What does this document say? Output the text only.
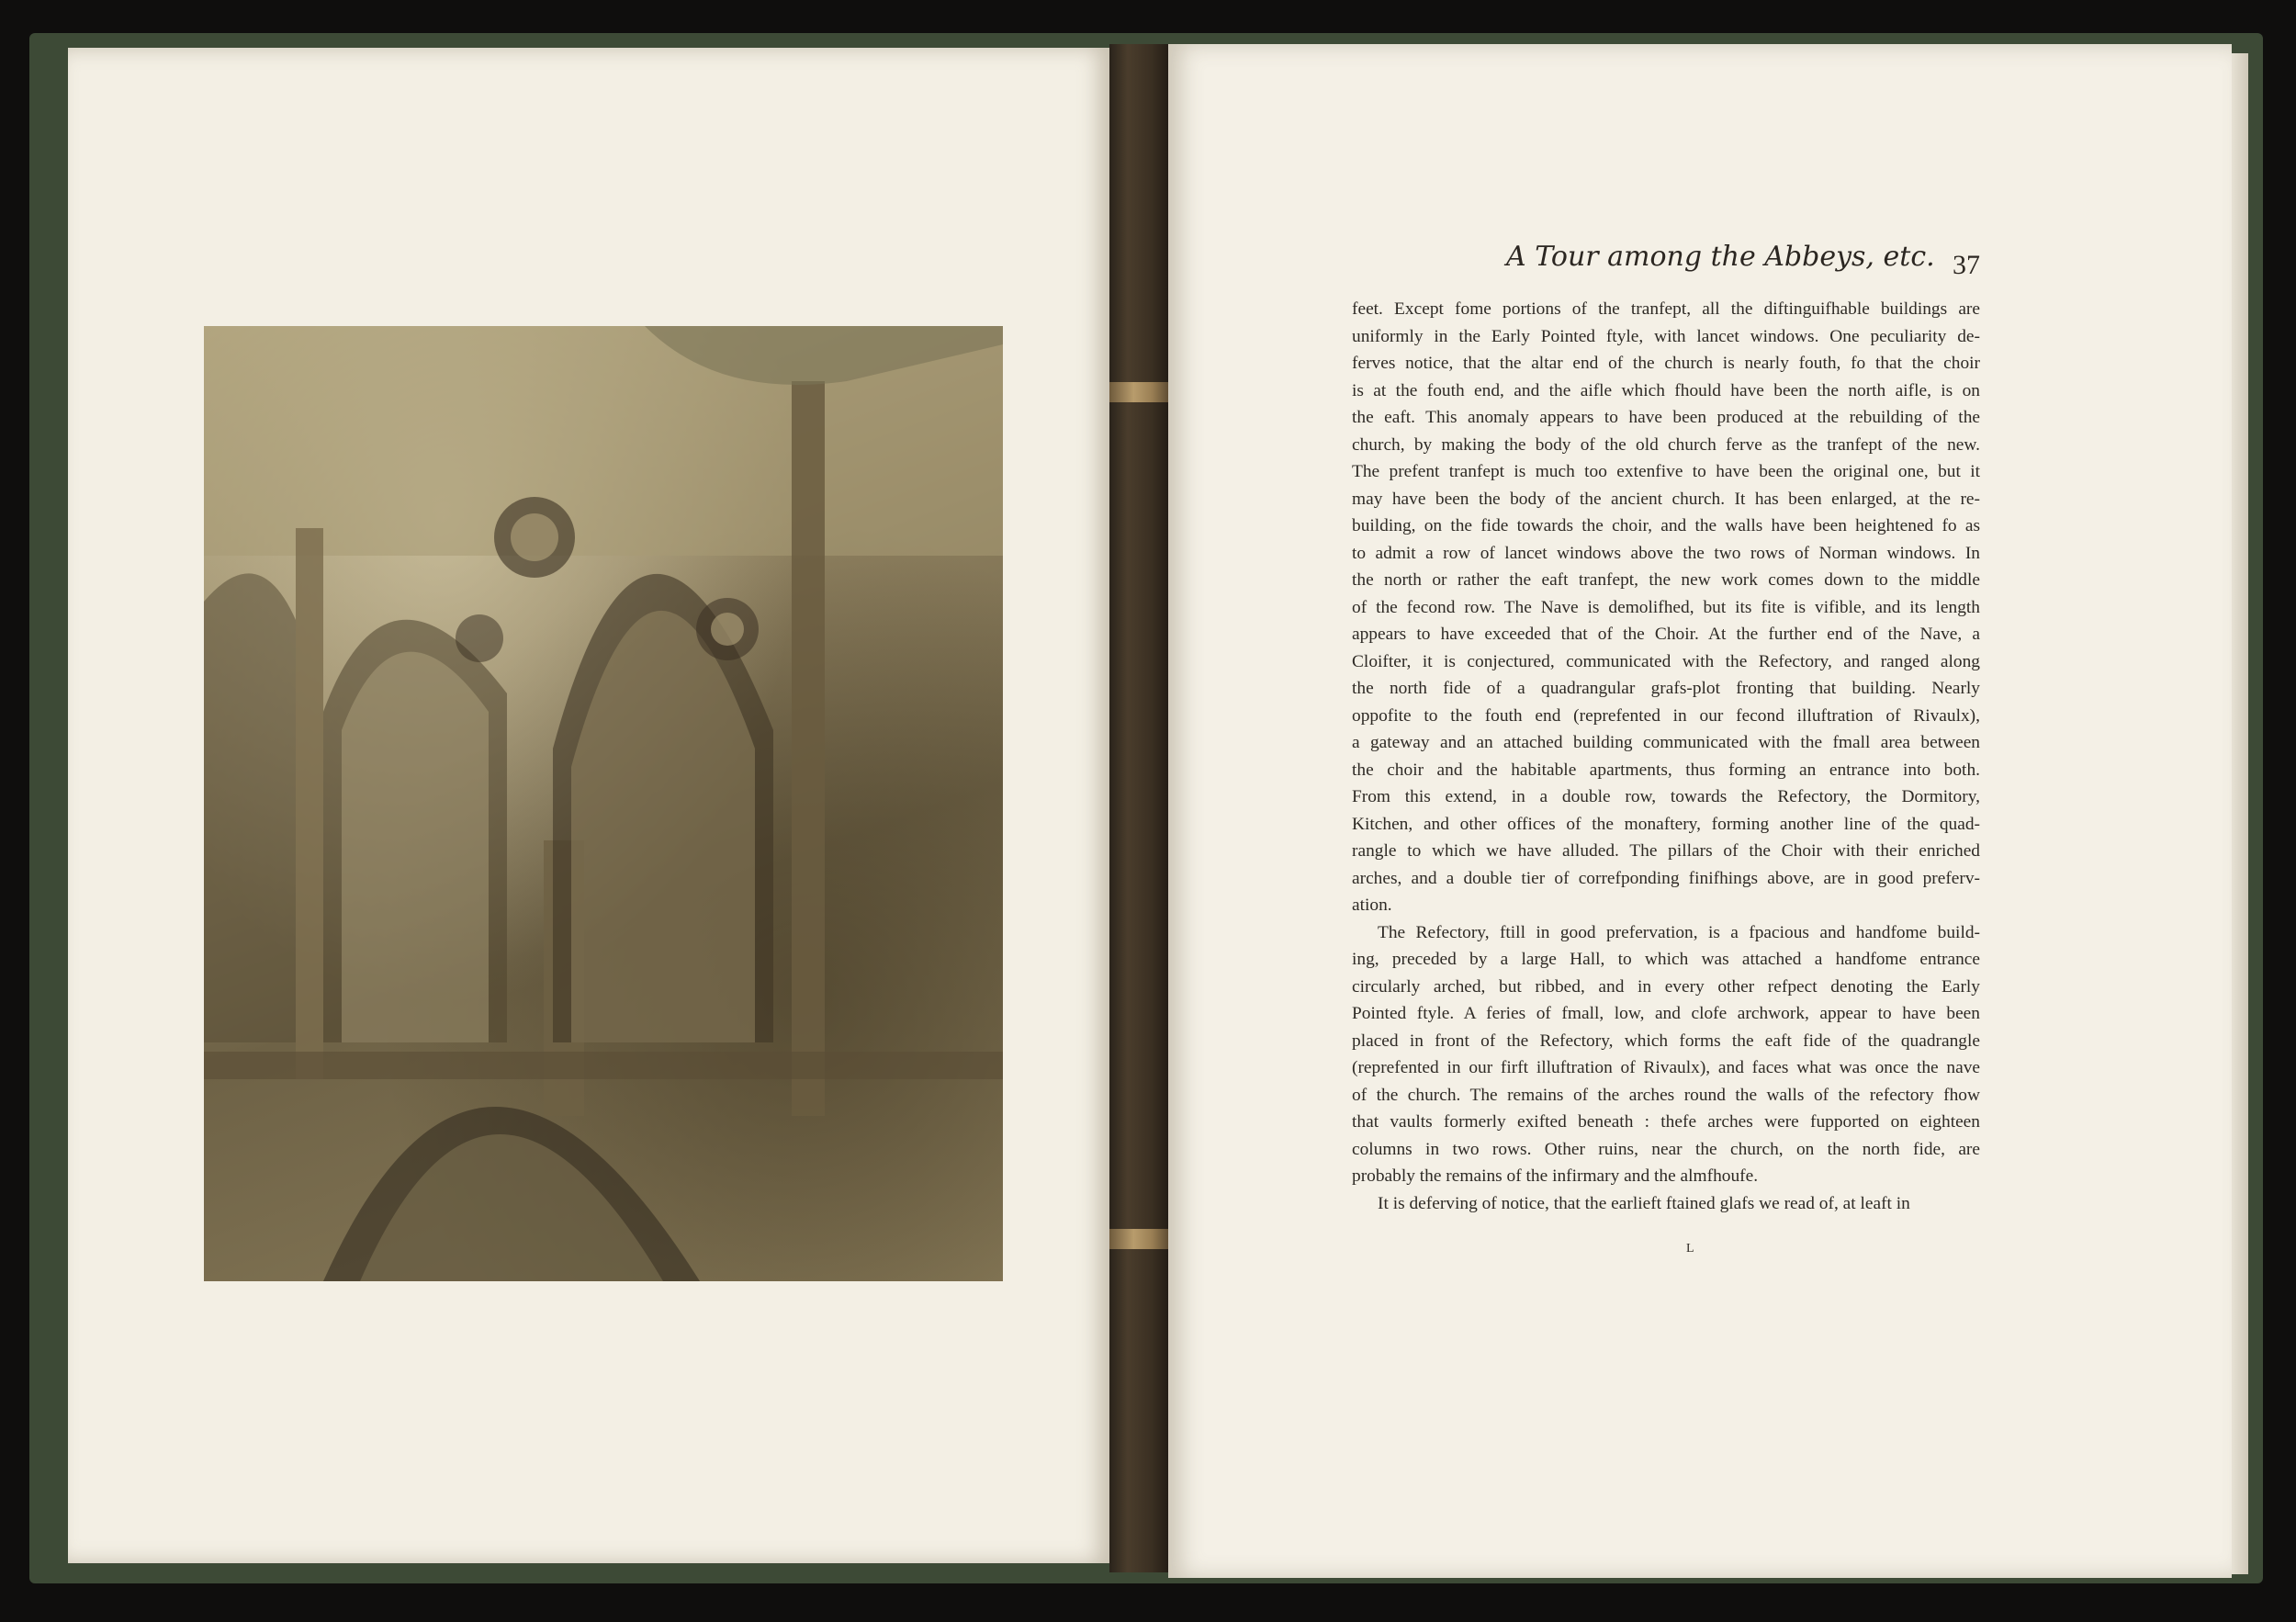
A Tour among the Abbeys, etc. 37
feet. Except fome portions of the tranfept, all the diftinguifhable buildings are
uniformly in the Early Pointed ftyle, with lancet windows. One peculiarity de-
ferves notice, that the altar end of the church is nearly fouth, fo that the choir
is at the fouth end, and the aifle which fhould have been the north aifle, is on
the eaft. This anomaly appears to have been produced at the rebuilding of the
church, by making the body of the old church ferve as the tranfept of the new.
The prefent tranfept is much too extenfive to have been the original one, but it
may have been the body of the ancient church. It has been enlarged, at the re-
building, on the fide towards the choir, and the walls have been heightened fo as
to admit a row of lancet windows above the two rows of Norman windows. In
the north or rather the eaft tranfept, the new work comes down to the middle
of the fecond row. The Nave is demolifhed, but its fite is vifible, and its length
appears to have exceeded that of the Choir. At the further end of the Nave, a
Cloifter, it is conjectured, communicated with the Refectory, and ranged along
the north fide of a quadrangular grafs-plot fronting that building. Nearly
oppofite to the fouth end (reprefented in our fecond illuftration of Rivaulx),
a gateway and an attached building communicated with the fmall area between
the choir and the habitable apartments, thus forming an entrance into both.
From this extend, in a double row, towards the Refectory, the Dormitory,
Kitchen, and other offices of the monaftery, forming another line of the quad-
rangle to which we have alluded. The pillars of the Choir with their enriched
arches, and a double tier of correfponding finifhings above, are in good preferv-
ation.
The Refectory, ftill in good prefervation, is a fpacious and handfome build-
ing, preceded by a large Hall, to which was attached a handfome entrance
circularly arched, but ribbed, and in every other refpect denoting the Early
Pointed ftyle. A feries of fmall, low, and clofe archwork, appear to have been
placed in front of the Refectory, which forms the eaft fide of the quadrangle
(reprefented in our firft illuftration of Rivaulx), and faces what was once the nave
of the church. The remains of the arches round the walls of the refectory fhow
that vaults formerly exifted beneath : thefe arches were fupported on eighteen
columns in two rows. Other ruins, near the church, on the north fide, are
probably the remains of the infirmary and the almfhoufe.
It is deferving of notice, that the earlieft ftained glafs we read of, at leaft in
L
